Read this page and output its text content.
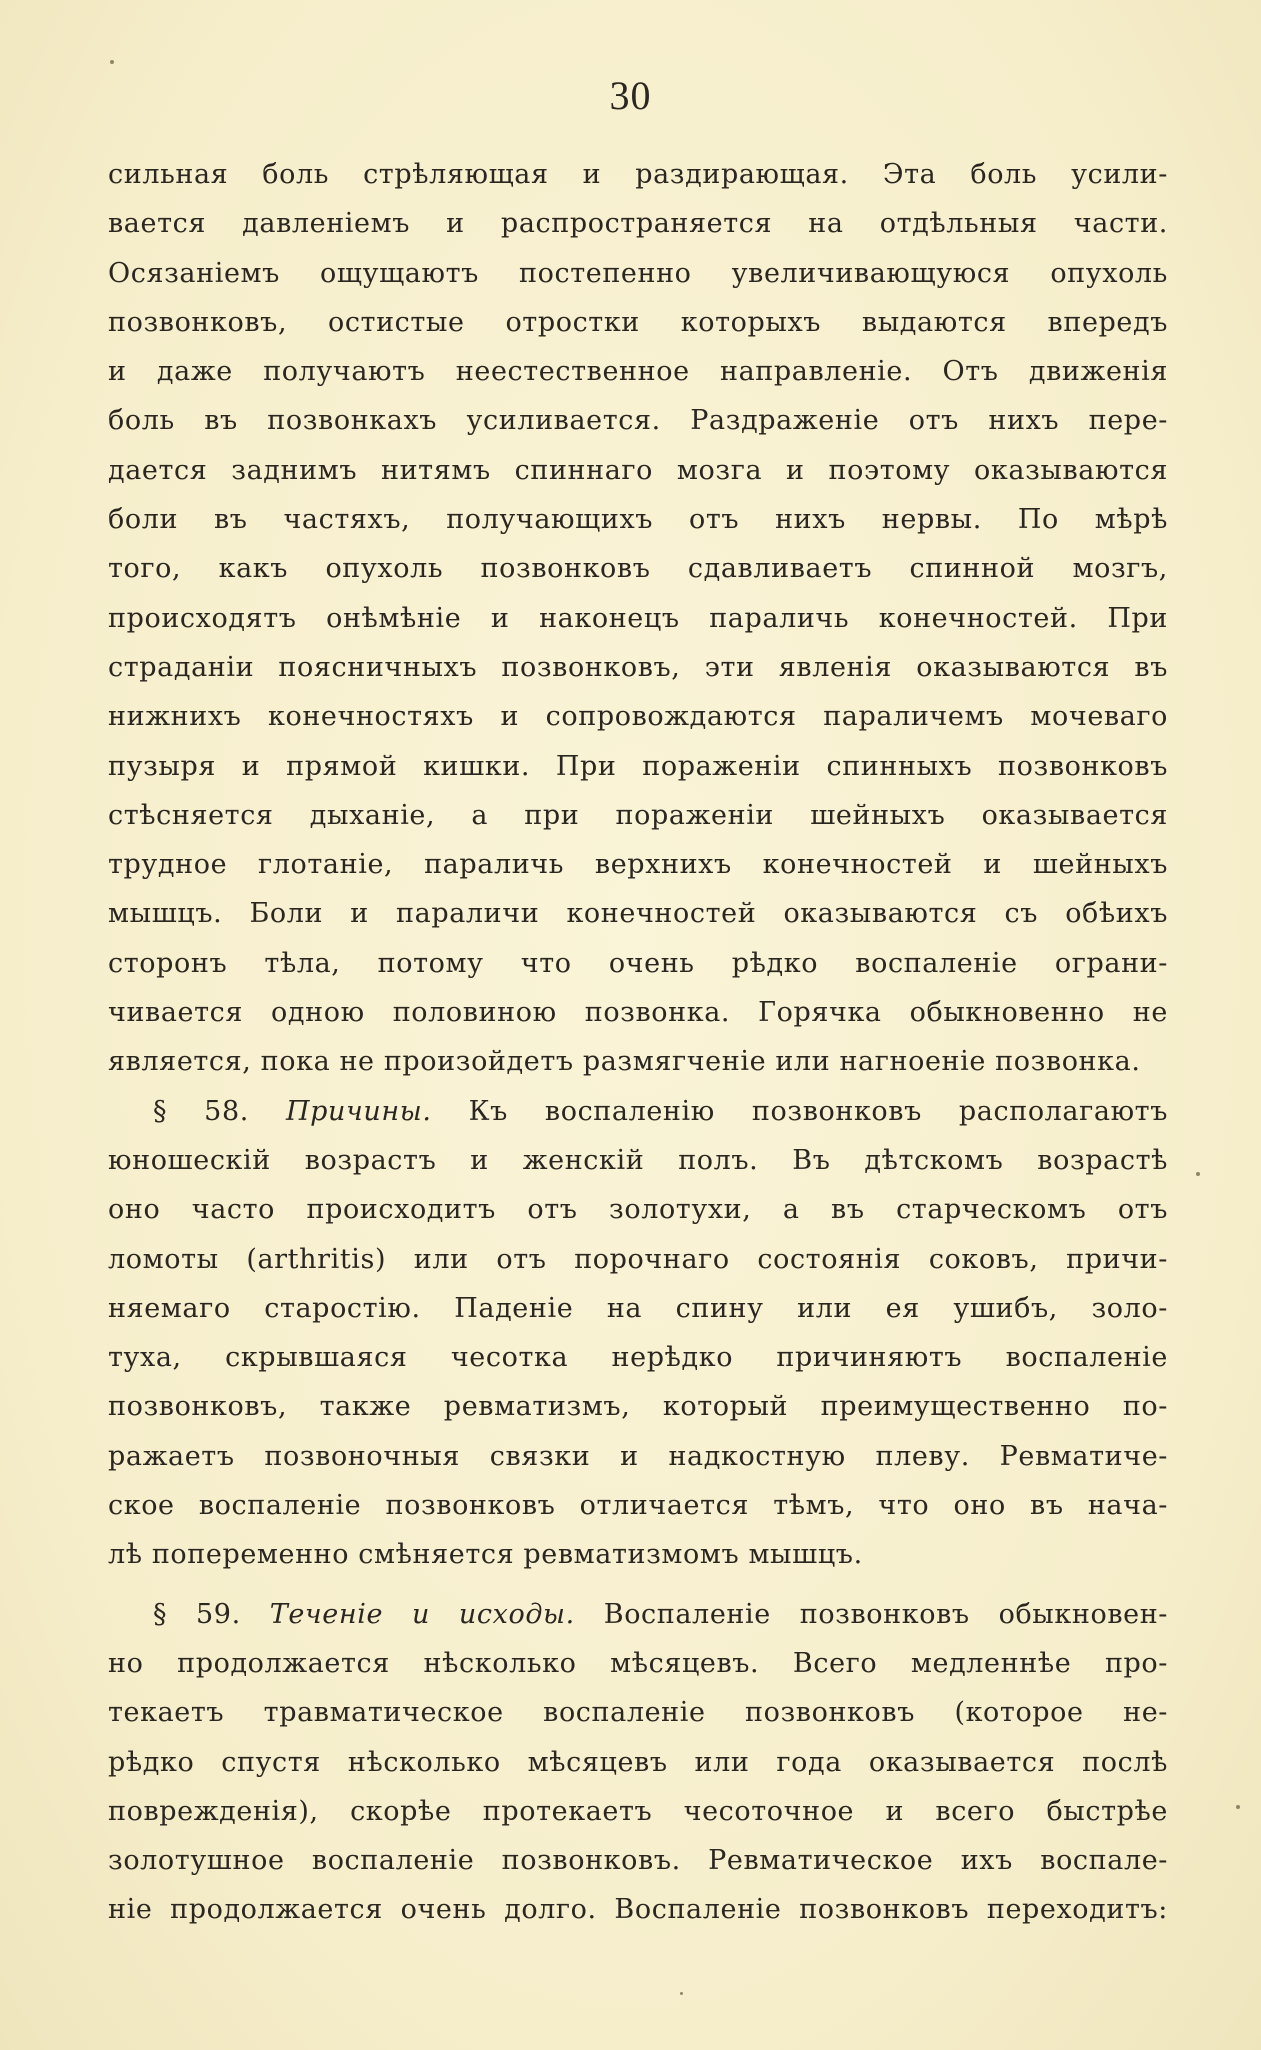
30
сильная боль стрѣляющая и раздирающая. Эта боль усили-
вается давленіемъ и распространяется на отдѣльныя части.
Осязаніемъ ощущаютъ постепенно увеличивающуюся опухоль
позвонковъ, остистые отростки которыхъ выдаются впередъ
и даже получаютъ неестественное направленіе. Отъ движенія
боль въ позвонкахъ усиливается. Раздраженіе отъ нихъ пере-
дается заднимъ нитямъ спиннаго мозга и поэтому оказываются
боли въ частяхъ, получающихъ отъ нихъ нервы. По мѣрѣ
того, какъ опухоль позвонковъ сдавливаетъ спинной мозгъ,
происходятъ онѣмѣніе и наконецъ параличь конечностей. При
страданіи поясничныхъ позвонковъ, эти явленія оказываются въ
нижнихъ конечностяхъ и сопровождаются параличемъ мочеваго
пузыря и прямой кишки. При пораженіи спинныхъ позвонковъ
стѣсняется дыханіе, а при пораженіи шейныхъ оказывается
трудное глотаніе, параличь верхнихъ конечностей и шейныхъ
мышцъ. Боли и параличи конечностей оказываются съ обѣихъ
сторонъ тѣла, потому что очень рѣдко воспаленіе ограни-
чивается одною половиною позвонка. Горячка обыкновенно не
является, пока не произойдетъ размягченіе или нагноеніе позвонка.
§ 58. Причины. Къ воспаленію позвонковъ располагаютъ
юношескій возрастъ и женскій полъ. Въ дѣтскомъ возрастѣ
оно часто происходитъ отъ золотухи, а въ старческомъ отъ
ломоты (arthritis) или отъ порочнаго состоянія соковъ, причи-
няемаго старостію. Паденіе на спину или ея ушибъ, золо-
туха, скрывшаяся чесотка нерѣдко причиняютъ воспаленіе
позвонковъ, также ревматизмъ, который преимущественно по-
ражаетъ позвоночныя связки и надкостную плеву. Ревматиче-
ское воспаленіе позвонковъ отличается тѣмъ, что оно въ нача-
лѣ попеременно смѣняется ревматизмомъ мышцъ.
§ 59. Теченіе и исходы. Воспаленіе позвонковъ обыкновен-
но продолжается нѣсколько мѣсяцевъ. Всего медленнѣе про-
текаетъ травматическое воспаленіе позвонковъ (которое не-
рѣдко спустя нѣсколько мѣсяцевъ или года оказывается послѣ
поврежденія), скорѣе протекаетъ чесоточное и всего быстрѣе
золотушное воспаленіе позвонковъ. Ревматическое ихъ воспале-
ніе продолжается очень долго. Воспаленіе позвонковъ переходитъ:
